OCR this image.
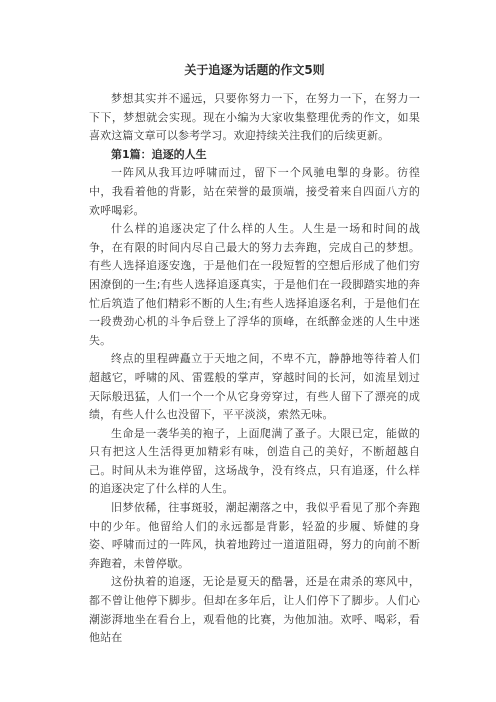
关于追逐为话题的作文5则

梦想其实并不遥远，只要你努力一下，在努力一下，在努力一下下，梦想就会实现。现在小编为大家收集整理优秀的作文，如果喜欢这篇文章可以参考学习。欢迎持续关注我们的后续更新。

第1篇：追逐的人生

一阵风从我耳边呼啸而过，留下一个风驰电掣的身影。彷徨中，我看着他的背影，站在荣誉的最顶端，接受着来自四面八方的欢呼喝彩。

什么样的追逐决定了什么样的人生。人生是一场和时间的战争，在有限的时间内尽自己最大的努力去奔跑，完成自己的梦想。有些人选择追逐安逸，于是他们在一段短暂的空想后形成了他们穷困潦倒的一生;有些人选择追逐真实，于是他们在一段脚踏实地的奔忙后筑造了他们精彩不断的人生;有些人选择追逐名利，于是他们在一段费劲心机的斗争后登上了浮华的顶峰，在纸醉金迷的人生中迷失。

终点的里程碑矗立于天地之间，不卑不亢，静静地等待着人们超越它，呼啸的风、雷霆般的掌声，穿越时间的长河，如流星划过天际般迅猛，人们一个一个从它身旁穿过，有些人留下了漂亮的成绩，有些人什么也没留下，平平淡淡，索然无味。

生命是一袭华美的袍子，上面爬满了蚤子。大限已定，能做的只有把这人生活得更加精彩有味，创造自己的美好，不断超越自己。时间从未为谁停留，这场战争，没有终点，只有追逐，什么样的追逐决定了什么样的人生。

旧梦依稀，往事斑驳，潮起潮落之中，我似乎看见了那个奔跑中的少年。他留给人们的永远都是背影，轻盈的步履、矫健的身姿、呼啸而过的一阵风，执着地跨过一道道阻碍，努力的向前不断奔跑着，未曾停歇。

这份执着的追逐，无论是夏天的酷暑，还是在肃杀的寒风中，都不曾让他停下脚步。但却在多年后，让人们停下了脚步。人们心潮澎湃地坐在看台上，观看他的比赛，为他加油。欢呼、喝彩，看他站在
